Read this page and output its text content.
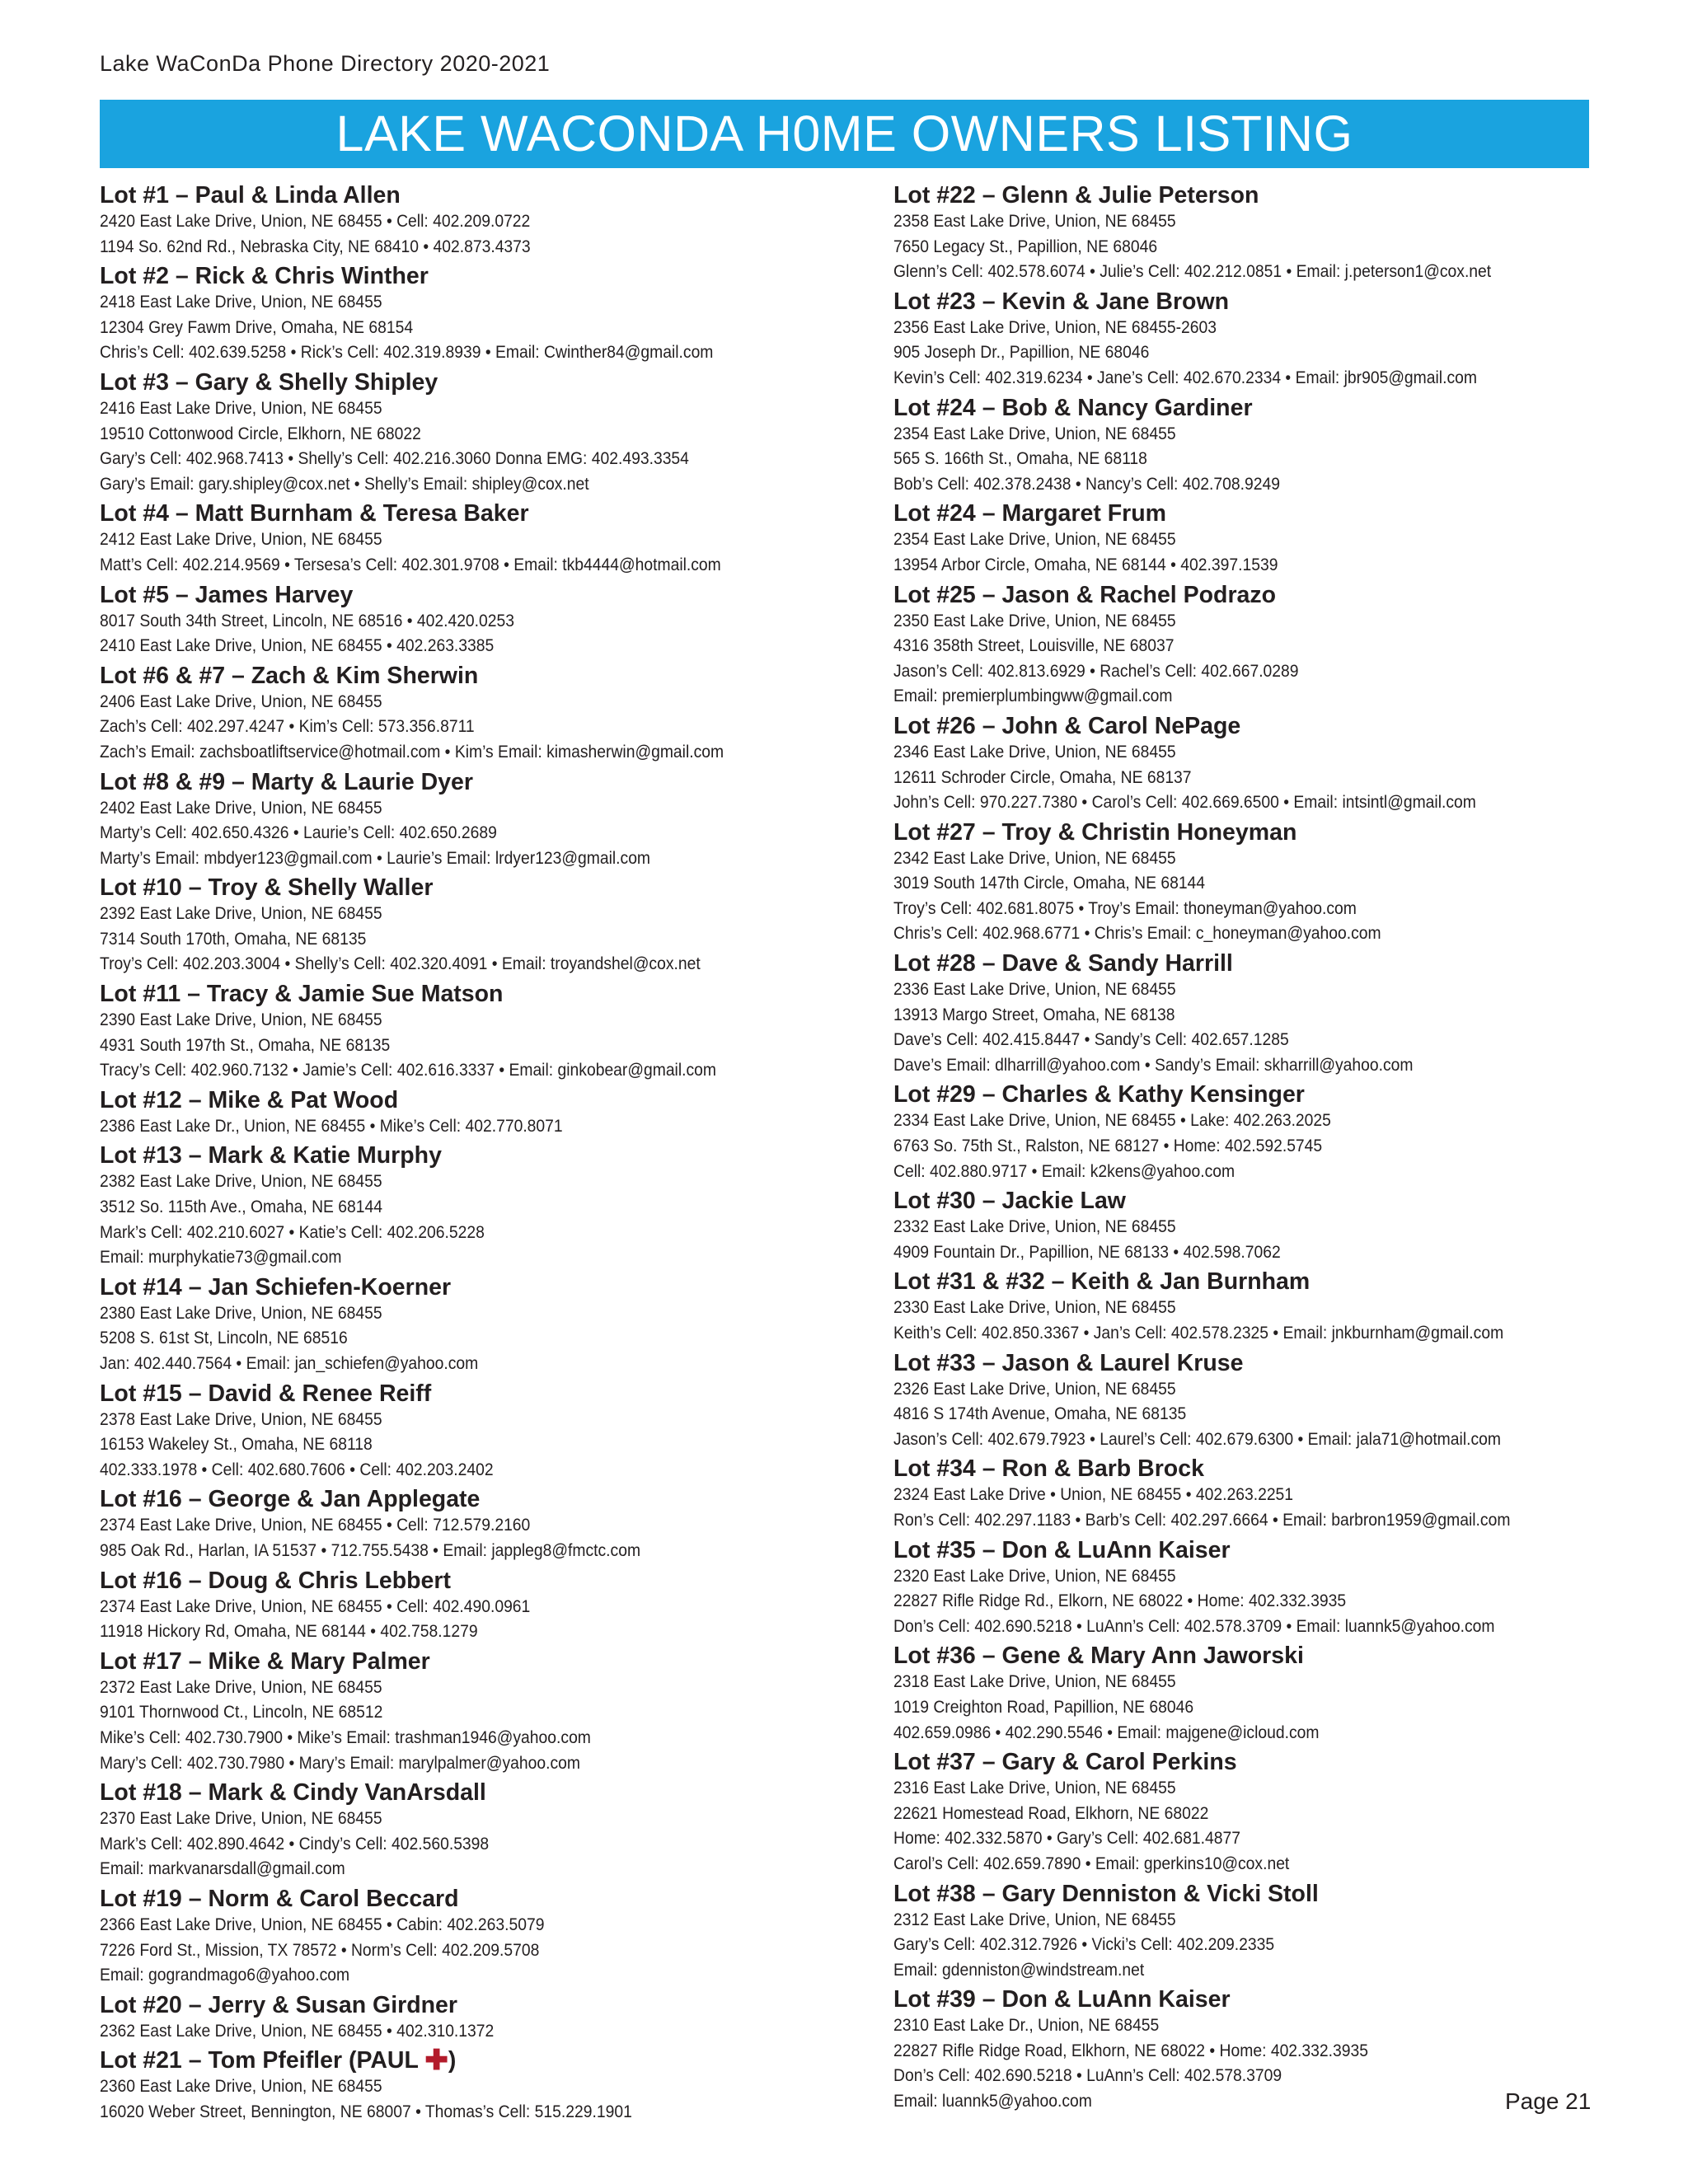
Lake WaConDa Phone Directory 2020-2021
LAKE WACONDA H0ME OWNERS LISTING
Lot #1 – Paul & Linda Allen
2420 East Lake Drive, Union, NE 68455 • Cell: 402.209.0722
1194 So. 62nd Rd., Nebraska City, NE 68410 • 402.873.4373
Lot #2 – Rick & Chris Winther
2418 East Lake Drive, Union, NE 68455
12304 Grey Fawm Drive, Omaha, NE 68154
Chris’s Cell: 402.639.5258 • Rick’s Cell: 402.319.8939 • Email: Cwinther84@gmail.com
Lot #3 – Gary & Shelly Shipley
2416 East Lake Drive, Union, NE 68455
19510 Cottonwood Circle, Elkhorn, NE 68022
Gary’s Cell: 402.968.7413 • Shelly’s Cell: 402.216.3060 Donna EMG: 402.493.3354
Gary’s Email: gary.shipley@cox.net • Shelly’s Email: shipley@cox.net
Lot #4 – Matt Burnham & Teresa Baker
2412 East Lake Drive, Union, NE 68455
Matt’s Cell: 402.214.9569 • Tersesa’s Cell: 402.301.9708 • Email: tkb4444@hotmail.com
Lot #5 – James Harvey
8017 South 34th Street, Lincoln, NE 68516 • 402.420.0253
2410 East Lake Drive, Union, NE 68455 • 402.263.3385
Lot #6 & #7 – Zach & Kim Sherwin
2406 East Lake Drive, Union, NE 68455
Zach’s Cell: 402.297.4247 • Kim’s Cell: 573.356.8711
Zach’s Email: zachsboatliftservice@hotmail.com • Kim’s Email: kimasherwin@gmail.com
Lot #8 & #9 – Marty & Laurie Dyer
2402 East Lake Drive, Union, NE 68455
Marty’s Cell: 402.650.4326 • Laurie’s Cell: 402.650.2689
Marty’s Email: mbdyer123@gmail.com • Laurie’s Email: lrdyer123@gmail.com
Lot #10 – Troy & Shelly Waller
2392 East Lake Drive, Union, NE 68455
7314 South 170th, Omaha, NE 68135
Troy’s Cell: 402.203.3004 • Shelly’s Cell: 402.320.4091 • Email: troyandshel@cox.net
Lot #11 – Tracy & Jamie Sue Matson
2390 East Lake Drive, Union, NE 68455
4931 South 197th St., Omaha, NE 68135
Tracy’s Cell: 402.960.7132 • Jamie’s Cell: 402.616.3337 • Email: ginkobear@gmail.com
Lot #12 – Mike & Pat Wood
2386 East Lake Dr., Union, NE 68455 • Mike’s Cell: 402.770.8071
Lot #13 – Mark & Katie Murphy
2382 East Lake Drive, Union, NE 68455
3512 So. 115th Ave., Omaha, NE 68144
Mark’s Cell: 402.210.6027 • Katie’s Cell: 402.206.5228
Email: murphykatie73@gmail.com
Lot #14 – Jan Schiefen-Koerner
2380 East Lake Drive, Union, NE 68455
5208 S. 61st St, Lincoln, NE 68516
Jan: 402.440.7564 • Email: jan_schiefen@yahoo.com
Lot #15 – David & Renee Reiff
2378 East Lake Drive, Union, NE 68455
16153 Wakeley St., Omaha, NE 68118
402.333.1978 • Cell: 402.680.7606 • Cell: 402.203.2402
Lot #16 – George & Jan Applegate
2374 East Lake Drive, Union, NE 68455 • Cell: 712.579.2160
985 Oak Rd., Harlan, IA 51537 • 712.755.5438 • Email: jappleg8@fmctc.com
Lot #16 – Doug & Chris Lebbert
2374 East Lake Drive, Union, NE 68455 • Cell: 402.490.0961
11918 Hickory Rd, Omaha, NE 68144 • 402.758.1279
Lot #17 – Mike & Mary Palmer
2372 East Lake Drive, Union, NE 68455
9101 Thornwood Ct., Lincoln, NE 68512
Mike’s Cell: 402.730.7900 • Mike’s Email: trashman1946@yahoo.com
Mary’s Cell: 402.730.7980 • Mary’s Email: marylpalmer@yahoo.com
Lot #18 – Mark & Cindy VanArsdall
2370 East Lake Drive, Union, NE 68455
Mark’s Cell: 402.890.4642 • Cindy’s Cell: 402.560.5398
Email: markvanarsdall@gmail.com
Lot #19 – Norm & Carol Beccard
2366 East Lake Drive, Union, NE 68455 • Cabin: 402.263.5079
7226 Ford St., Mission, TX 78572 • Norm’s Cell: 402.209.5708
Email: gograndmago6@yahoo.com
Lot #20 – Jerry & Susan Girdner
2362 East Lake Drive, Union, NE 68455 • 402.310.1372
Lot #21 – Tom Pfeifler (PAUL ✚)
2360 East Lake Drive, Union, NE 68455
16020 Weber Street, Bennington, NE 68007 • Thomas’s Cell: 515.229.1901
Lot #22 – Glenn & Julie Peterson
2358 East Lake Drive, Union, NE 68455
7650 Legacy St., Papillion, NE 68046
Glenn’s Cell: 402.578.6074 • Julie’s Cell: 402.212.0851 • Email: j.peterson1@cox.net
Lot #23 – Kevin & Jane Brown
2356 East Lake Drive, Union, NE 68455-2603
905 Joseph Dr., Papillion, NE 68046
Kevin’s Cell: 402.319.6234 • Jane’s Cell: 402.670.2334 • Email: jbr905@gmail.com
Lot #24 – Bob & Nancy Gardiner
2354 East Lake Drive, Union, NE 68455
565 S. 166th St., Omaha, NE 68118
Bob’s Cell: 402.378.2438 • Nancy’s Cell: 402.708.9249
Lot #24 – Margaret Frum
2354 East Lake Drive, Union, NE 68455
13954 Arbor Circle, Omaha, NE 68144 • 402.397.1539
Lot #25 – Jason & Rachel Podrazo
2350 East Lake Drive, Union, NE 68455
4316 358th Street, Louisville, NE 68037
Jason’s Cell: 402.813.6929 • Rachel’s Cell: 402.667.0289
Email: premierplumbingww@gmail.com
Lot #26 – John & Carol NePage
2346 East Lake Drive, Union, NE 68455
12611 Schroder Circle, Omaha, NE 68137
John’s Cell: 970.227.7380 • Carol’s Cell: 402.669.6500 • Email: intsintl@gmail.com
Lot #27 – Troy & Christin Honeyman
2342 East Lake Drive, Union, NE 68455
3019 South 147th Circle, Omaha, NE 68144
Troy’s Cell: 402.681.8075 • Troy’s Email: thoneyman@yahoo.com
Chris’s Cell: 402.968.6771 • Chris’s Email: c_honeyman@yahoo.com
Lot #28 – Dave & Sandy Harrill
2336 East Lake Drive, Union, NE 68455
13913 Margo Street, Omaha, NE 68138
Dave’s Cell: 402.415.8447 • Sandy’s Cell: 402.657.1285
Dave’s Email: dlharrill@yahoo.com • Sandy’s Email: skharrill@yahoo.com
Lot #29 – Charles & Kathy Kensinger
2334 East Lake Drive, Union, NE 68455 • Lake: 402.263.2025
6763 So. 75th St., Ralston, NE 68127 • Home: 402.592.5745
Cell: 402.880.9717 • Email: k2kens@yahoo.com
Lot #30 – Jackie Law
2332 East Lake Drive, Union, NE 68455
4909 Fountain Dr., Papillion, NE 68133 • 402.598.7062
Lot #31 & #32 – Keith & Jan Burnham
2330 East Lake Drive, Union, NE 68455
Keith’s Cell: 402.850.3367 • Jan’s Cell: 402.578.2325 • Email: jnkburnham@gmail.com
Lot #33 – Jason & Laurel Kruse
2326 East Lake Drive, Union, NE 68455
4816 S 174th Avenue, Omaha, NE 68135
Jason’s Cell: 402.679.7923 • Laurel’s Cell: 402.679.6300 • Email: jala71@hotmail.com
Lot #34 – Ron & Barb Brock
2324 East Lake Drive • Union, NE 68455 • 402.263.2251
Ron’s Cell: 402.297.1183 • Barb’s Cell: 402.297.6664 • Email: barbron1959@gmail.com
Lot #35 – Don & LuAnn Kaiser
2320 East Lake Drive, Union, NE 68455
22827 Rifle Ridge Rd., Elkorn, NE 68022 • Home: 402.332.3935
Don’s Cell: 402.690.5218 • LuAnn’s Cell: 402.578.3709 • Email: luannk5@yahoo.com
Lot #36 – Gene & Mary Ann Jaworski
2318 East Lake Drive, Union, NE 68455
1019 Creighton Road, Papillion, NE 68046
402.659.0986 • 402.290.5546 • Email: majgene@icloud.com
Lot #37 – Gary & Carol Perkins
2316 East Lake Drive, Union, NE 68455
22621 Homestead Road, Elkhorn, NE 68022
Home: 402.332.5870 • Gary’s Cell: 402.681.4877
Carol’s Cell: 402.659.7890 • Email: gperkins10@cox.net
Lot #38 – Gary Denniston & Vicki Stoll
2312 East Lake Drive, Union, NE 68455
Gary’s Cell: 402.312.7926 • Vicki’s Cell: 402.209.2335
Email: gdenniston@windstream.net
Lot #39 – Don & LuAnn Kaiser
2310 East Lake Dr., Union, NE 68455
22827 Rifle Ridge Road, Elkhorn, NE 68022 • Home: 402.332.3935
Don’s Cell: 402.690.5218 • LuAnn’s Cell: 402.578.3709
Email: luannk5@yahoo.com	Page 21
